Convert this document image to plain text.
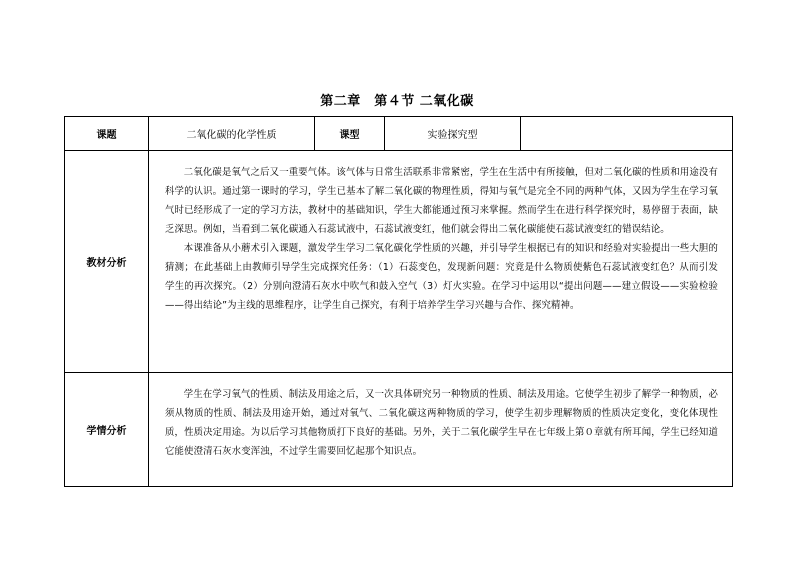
第二章　第４节 二氧化碳
课题	二氧化碳的化学性质	课型	实验探究型	
教材分析	二氧化碳是氧气之后又一重要气体。该气体与日常生活联系非常紧密，学生在生活中有所接触，但对二氧化碳的性质和用途没有科学的认识。通过第一课时的学习，学生已基本了解二氧化碳的物理性质，得知与氧气是完全不同的两种气体，又因为学生在学习氧气时已经形成了一定的学习方法，教材中的基础知识，学生大都能通过预习来掌握。然而学生在进行科学探究时，易停留于表面，缺乏深思。例如，当看到二氧化碳通入石蕊试液中，石蕊试液变红，他们就会得出二氧化碳能使石蕊试液变红的错误结论。

本课准备从小蘑术引入课题，激发学生学习二氧化碳化学性质的兴趣，并引导学生根据已有的知识和经验对实验提出一些大胆的猜测；在此基础上由教师引导学生完成探究任务：（1）石蕊变色，发现新问题：究竟是什么物质使紫色石蕊试液变红色？从而引发学生的再次探究。（2）分别向澄清石灰水中吹气和鼓入空气（3）灯火实验。在学习中运用以“提出问题——建立假设——实验检验——得出结论”为主线的思维程序，让学生自己探究，有利于培养学生学习兴趣与合作、探究精神。			

学情分析	学生在学习氧气的性质、制法及用途之后，又一次具体研究另一种物质的性质、制法及用途。它使学生初步了解学一种物质，必须从物质的性质、制法及用途开始，通过对氧气、二氧化碳这两种物质的学习，使学生初步理解物质的性质决定变化，变化体现性质，性质决定用途。为以后学习其他物质打下良好的基础。另外，关于二氧化碳学生早在七年级上第０章就有所耳闻，学生已经知道它能使澄清石灰水变浑浊，不过学生需要回忆起那个知识点。			
